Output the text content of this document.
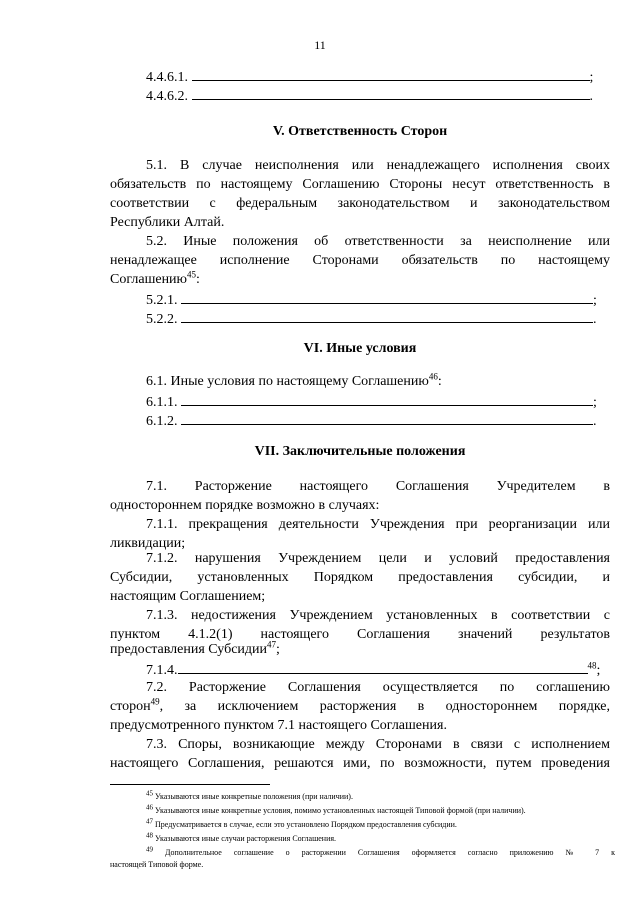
11
4.4.6.1.	;
4.4.6.2.	.
V. Ответственность Сторон
5.1. В случае неисполнения или ненадлежащего исполнения своих
обязательств по настоящему Соглашению Стороны несут ответственность в
соответствии с федеральным законодательством и законодательством
Республики Алтай.
5.2. Иные положения об ответственности за неисполнение или
ненадлежащее исполнение Сторонами обязательств по настоящему
Соглашению$^{45}$:
5.2.1.	;
5.2.2.	.
VI. Иные условия
6.1. Иные условия по настоящему Соглашению$^{46}$:
6.1.1.	;
6.1.2.	.
VII. Заключительные положения
7.1. Расторжение настоящего Соглашения Учредителем в
одностороннем порядке возможно в случаях:
7.1.1. прекращения деятельности Учреждения при реорганизации или
ликвидации;
7.1.2. нарушения Учреждением цели и условий предоставления
Субсидии, установленных Порядком предоставления субсидии, и
настоящим Соглашением;
7.1.3. недостижения Учреждением установленных в соответствии с
пунктом 4.1.2(1) настоящего Соглашения значений результатов
предоставления Субсидии$^{47}$;
7.1.4.	$^{48}$;
7.2. Расторжение Соглашения осуществляется по соглашению
сторон$^{49}$, за исключением расторжения в одностороннем порядке,
предусмотренного пунктом 7.1 настоящего Соглашения.
7.3. Споры, возникающие между Сторонами в связи с исполнением
настоящего Соглашения, решаются ими, по возможности, путем проведения
45 Указываются иные конкретные положения (при наличии).
46 Указываются иные конкретные условия, помимо установленных настоящей Типовой формой (при наличии).
47 Предусматривается в случае, если это установлено Порядком предоставления субсидии.
48 Указываются иные случаи расторжения Соглашения.
49 Дополнительное соглашение о расторжении Соглашения оформляется согласно приложению № 7 к
настоящей Типовой форме.
